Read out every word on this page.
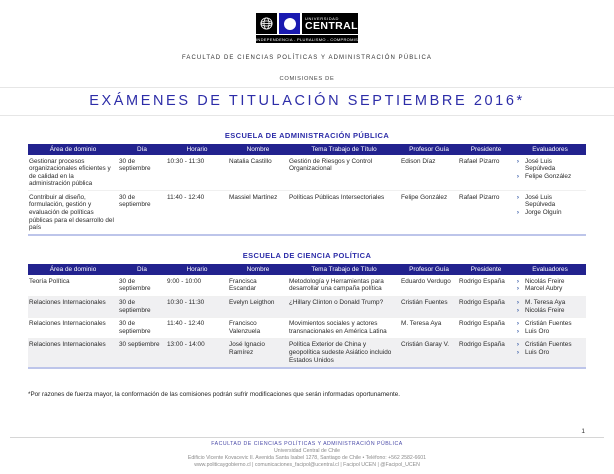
UNIVERSIDAD
CENTRAL
INDEPENDENCIA - PLURALISMO - COMPROMISO
FACULTAD DE CIENCIAS POLÍTICAS Y ADMINISTRACIÓN PÚBLICA
COMISIONES DE
EXÁMENES DE TITULACIÓN SEPTIEMBRE 2016*
ESCUELA DE ADMINISTRACIÓN PÚBLICA
Área de dominio	Día	Horario	Nombre	Tema Trabajo de Título	Profesor Guía	Presidente	Evaluadores
Gestionar procesos organizacionales eficientes y de calidad en la administración pública	30 de septiembre	10:30 - 11:30	Natalia Castillo	Gestión de Riesgos y Control Organizacional	Edison Díaz	Rafael Pizarro	› José Luis Sepúlveda
› Felipe González

Contribuir al diseño, formulación, gestión y evaluación de políticas públicas para el desarrollo del país	30 de septiembre	11:40 - 12:40	Massiel Martínez	Políticas Públicas Intersectoriales	Felipe González	Rafael Pizarro	› José Luis Sepúlveda
› Jorge Olguín
ESCUELA DE CIENCIA POLÍTICA
Área de dominio	Día	Horario	Nombre	Tema Trabajo de Título	Profesor Guía	Presidente	Evaluadores
Teoría Política	30 de septiembre	9:00 - 10:00	Francisca Escandar	Metodología y Herramientas para desarrollar una campaña política	Eduardo Verdugo	Rodrigo España	› Nicolás Freire
› Marcel Aubry

Relaciones Internacionales	30 de septiembre	10:30 - 11:30	Evelyn Leigthon	¿Hillary Clinton o Donald Trump?	Cristián Fuentes	Rodrigo España	› M. Teresa Aya
› Nicolás Freire

Relaciones Internacionales	30 de septiembre	11:40 - 12:40	Francisco Valenzuela	Movimientos sociales y actores transnacionales en América Latina	M. Teresa Aya	Rodrigo España	› Cristián Fuentes
› Luis Oro

Relaciones Internacionales	30 septiembre	13:00 - 14:00	José Ignacio Ramírez	Política Exterior de China y geopolítica sudeste Asiático incluido Estados Unidos	Cristián Garay V.	Rodrigo España	› Cristián Fuentes
› Luis Oro
*Por razones de fuerza mayor, la conformación de las comisiones podrán sufrir modificaciones que serán informadas oportunamente.
1
FACULTAD DE CIENCIAS POLÍTICAS Y ADMINISTRACIÓN PÚBLICA
Universidad Central de Chile
Edificio Vicente Kovacevic II. Avenida Santa Isabel 1278, Santiago de Chile • Teléfono: +562 2582-6601
www.politicaygobierno.cl | comunicaciones_facipol@ucentral.cl | Facipol UCEN | @Facipol_UCEN
